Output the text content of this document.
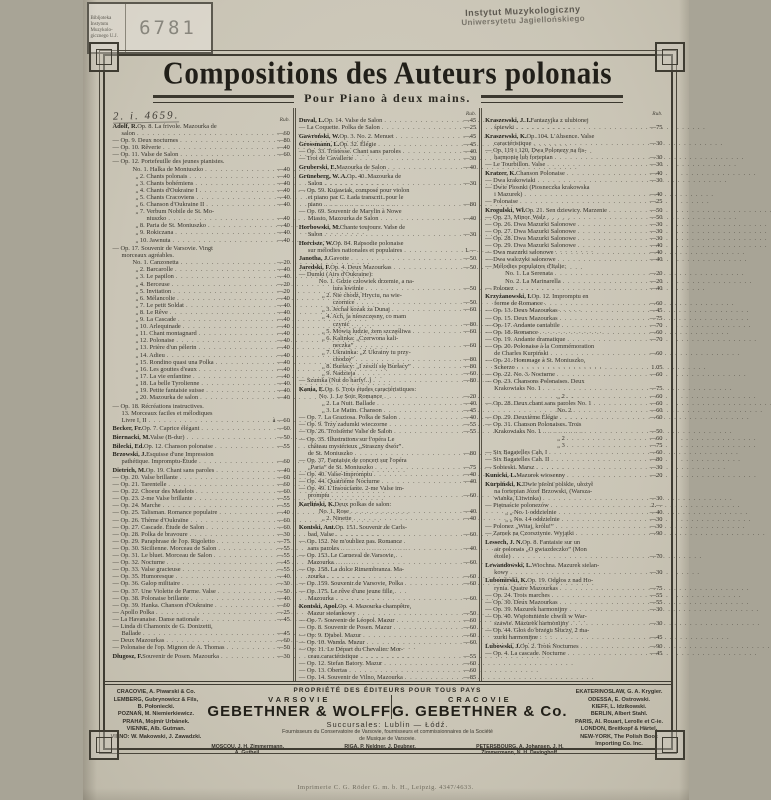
Bibljoteka
Instytutu
Muzykolo-
gicznego U.J.	6781
Instytut Muzykologiczny
Uniwersytetu Jagiellońskiego
Compositions des Auteurs polonais
Pour Piano à deux mains.
2. i. 4659.	Rub.
Adolf, R. Op. 8. La frivole. Mazourka de
salon . . .	—60
— Op. 9. Deux nocturnes . . .	—80
— Op. 10. Rêverie . . .	—40
— Op. 11. Valse de Salon . . .	—60
— Op. 12. Portefeuille des jeunes pianistes.
No. 1. Halka de Moniuszko . . .	—40
„ 2. Chants polonais . . .	—40
„ 3. Chants bohémiens . . .	—40
„ 4. Chants d'Oukraine I . . .	—40
„ 5. Chants Cracoviens . . .	—40
„ 6. Chanson d'Oukraine II . . .	—40
„ 7. Verbum Nobile de St. Mo-
niuszko . . .	—40
„ 8. Paria de St. Moniuszko . . .	—40
„ 9. Rokiczana . . .	—40
„ 10. Jawnuta . . .	—40
— Op. 17. Souvenir de Varsovie. Vingt
morceaux agréables.
No. 1. Canzonetta . . .	—20
„ 2. Barcarolle . . .	—40
„ 3. Le papilon . . .	—40
„ 4. Berceuse . . .	—20
„ 5. Invitation . . .	—20
„ 6. Mélancolie . . .	—40
„ 7. Le petit Soldat . . .	—40
„ 8. Le Rêve . . .	—40
„ 9. La Cascade . . .	—40
„ 10. Arlequinade . . .	—40
„ 11. Chant montagnard . . .	—40
„ 12. Polonaise . . .	—40
„ 13. Prière d'un pélerin . . .	—40
„ 14. Adieu . . .	—40
„ 15. Rondino quasi una Polka . . .	—40
„ 16. Les gouttes d'eaux . . .	—40
„ 17. La vie enfantine . . .	—40
„ 18. La belle Tyrolienne . . .	—40
„ 19. Petite fantaisie suisse . . .	—40
„ 20. Mazourka de salon . . .	—40
— Op. 18. Récréations instructives.
13. Morceaux faciles et mélodiques
Livre I, II . . .	à —60
Becker, Fr. Op. 7. Caprice élégant . . .	—60
Biernacki, M. Valse (B-dur) . . .	—50
Bilecki, Ed. Op. 12. Chanson polonaise . . .	—55
Brzowski, J. Esquisse d'une Impression
pathétique. Impromptu-Étude . . .	—60
Dietrich, M. Op. 19. Chant sans paroles . . .	—40
— Op. 20. Valse brillante . . .	—60
— Op. 21. Tarentelle . . .	—60
— Op. 22. Choeur des Matelots . . .	—60
— Op. 23. 2-me Valse brillante . . .	—55
— Op. 24. Marche . . .	—55
— Op. 25. Talisman. Romance populaire . . .	—40
— Op. 26. Thème d'Oukraïne . . .	—60
— Op. 27. Cascade. Étude de Salon . . .	—60
— Op. 28. Polka de bravoure . . .	—30
— Op. 29. Paraphrase de l'op. Rigoletto . . .	—75
— Op. 30. Sicilienne. Morceau de Salon . . .	—55
— Op. 31. Le bluet. Morceau de Salon . . .	—55
— Op. 32. Nocturne . . .	—45
— Op. 33. Valse gracieuse . . .	—55
— Op. 35. Humoresque . . .	—40
— Op. 36. Galop militaire . . .	—30
— Op. 37. Une Violette de Parme. Valse . . .	—50
— Op. 38. Polonaise brillante . . .	—40
— Op. 39. Hanka. Chanson d'Oukraine . . .	—60
— Apollo Polka . . .	—25
— La Havanaise. Danse nationale . . .	—45
— Linda di Chamonix de G. Donizetti,
Ballade . . .	—45
— Deux Mazourkas . . .	—60
— Polonaise de l'op. Mignon de A. Thomas . . .	—50
Długosz, F. Souvenir de Posen. Mazourka . . .	—30
Rub.
Duval, L. Op. 14. Valse de Salon . . .	—45
— La Coquette. Polka de Salon . . .	—25
Gawroński, W. Op. 3. No. 2. Menuet . . .	—45
Grossmann, L. Op. 32. Élégie . . .	—45
— Op. 33. Tristesse. Chant sans paroles . . .	—40
— Trot de Cavallerie . . .	—30
Gruberski, E. Mazourka de Salon . . .	—40
Grüneberg, W. A. Op. 40. Mazourka de
Salon . . .	—30
— Op. 59. Kujawiak, composé pour violon
et piano par C. Łada transcrit. pour le
piano . . .	—80
— Op. 69. Souvenir de Marylin à Nowe
Miasto, Mazourka de Salon . . .	—40
Horbowski, M. Chante toujours. Valse de
Salon . . .	—30
Horcisze, W. Op. 84. Rapsodie polonaise
sur mélodies nationales et populaires . . .	1.—
Janotha, J. Gavotte . . .	—50
Jaredski, F. Op. 4. Deux Mazourkas . . .	—50
— Dumki (Airs d'Oukraine):
No. 1. Gdzie człowiek drzemie, a na-
tura kwitnie . . .	—50
„ 2. Nie chodź, Hryciu, na wie-
czornice . . .	—50
„ 3. Jechał kozak za Dunaj . . .	—60
„ 4. Ach, ja nieszczęsny, co mam
czynić . . .	—80
„ 5. Mówią ludzie, żem szczęśliwa . . .	—60
„ 6. Kalinka: „Czerwona kali-
neczka” . . .	—60
„ 7. Ukrainka: „Z Ukrainy tu przy-
chodzę” . . .	—80
„ 8. Burłacy: „I zeszli się Burłacy” . . .	—80
„ 9. Nadzieja . . .	—60
— Szumka (Nut do harfy!..) . . .	—80
Kania, E. Op. 6. Trois études caractéristiques:
No. 1. Le Soir. Romance . . .	—20
„ 2. La Nuit. Ballade . . .	—40
„ 3. Le Matin. Chanson . . .	—45
— Op. 7. La Graziosa. Polka de Salon . . .	—40
— Op. 9. Trzy zadumki wieczorne . . .	—55
— Op. 26. Troisième Valse de Salon . . .	—55
— Op. 35. Illustrations sur l'opéra Le
château mystérieux „Straszny dwór”
de St. Moniuszko . . .	—80
— Op. 37. Fantaisie de concert sur l'opéra
„Paria” de St. Moniuszko . . .	—75
— Op. 40. Valse-Impromptu . . .	—40
— Op. 44. Quatrième Nocturne . . .	—40
— Op. 49. L'Insouciante. 2-me Valse im-
promptu . . .	—60
Karliński, K. Deux polkas de salon:
No. 1. Rose . . .	—40
„ 2. Ninette . . .	—40
Kontski, Ant. Op. 151. Souvenir de Carls-
bad, Valse . . .	—60
— Op. 152. Ne m'oubliez pas. Romance
sans paroles . . .	—40
— Op. 153. Le Carneval de Varsovie,
Mazourka . . .	—60
— Op. 158. La dolce Rimembranza. Ma-
zourka . . .	—60
— Op. 159. Souvenir de Varsovie, Polka . . .	—60
— Op. 175. Le rêve d'une jeune fille,
Mazourka . . .	—60
Kontski, Apol. Op. 4. Mazourka champêtre,
Mazur stefankowy . . .	—50
— Op. 7. Souvenir de Léopol. Mazur . . .	—60
— Op. 8. Souvenir de Posen. Mazur . . .	—60
— Op. 9. Djabeł. Mazur . . .	—60
— Op. 10. Wanda. Mazur . . .	—60
— Op. 11. Le Départ du Chevalier. Mor-
ceau caractéristique . . .	—55
— Op. 12. Stefan Batory. Mazur . . .	—60
— Op. 13. Obertas . . .	—60
— Op. 14. Souvenir de Vilno, Mazourka . . .	—85
Rub.
Kraszewski, J. I. Fantazyjka z ulubionej
śpiewki . . .	—75
Kraszewski, K. Op. 104. L'Absence. Valse
caractéristique . . .	—30
— Op. 119 i 120. Dwa Polonezy na fis-
harmonię lub fortepian . . .	—30
— Le Tourbillon. Valse . . .	—30
Kratzer, K. Chanson Polonaise . . .	—40
— Dwa krakowiaki . . .	—30
— Dwie Piosnki (Piosneczka krakowska
i Mazurek) . . .	—40
— Polonaise . . .	—25
Krogulski, Wł. Op. 21. Sen dziewicy. Marzenie . . .	—50
— Op. 23. Minor. Walz . . .	—50
— Op. 26. Dwa Mazurki Salonowe . . .	—30
— Op. 27. Dwa Mazurki Salonowe . . .	—30
— Op. 28. Dwa Mazurki Salonowe . . .	—30
— Op. 29. Dwa Mazurki Salonowe . . .	—40
— Dwa mazurki salonowe . . .	—40
— Dwa walczyki salonowe . . .	—40
— Mélodies populaires d'Italie:
No. 1. La Serenata . . .	—20
No. 2. La Marinarella . . .	—20
— Polonez . . .	—40
Krzyżanowski, I. Op. 12. Impromptu en
forme de Romance . . .	—60
— Op. 13. Deux Mazourkas . . .	—45
— Op. 15. Deux Mazourkas . . .	—75
— Op. 17. Andante cantabile . . .	—70
— Op. 18. Romance . . .	—60
— Op. 19. Andante dramatique . . .	—70
— Op. 20. Polonaise à la Commémoration
de Charles Kurpiński . . .	—60
— Op. 21. Hommage à St. Moniuszko,
Scherzo . . .	1.05
— Op. 22. No. 3. Nocturne . . .	—60
— Op. 23. Chansons Polonaises. Deux
Krakowiaks No. 1 . . .	—75
„ 2 . . .	—60
— Op. 28. Deux chant sans paroles No. 1 . . .	—60
No. 2 . . .	—60
— Op. 29. Deuxième Élégie . . .	—60
— Op. 31. Chanson Polonaises. Trois
Krakowiaks No. 1 . . .	—50
„ 2 . . .	—60
„ 3 . . .	—75
— Six Bagatelles Cah. I . . .	—60
— Six Bagatelles Cah. II . . .	—80
— Sobieski. Marsz . . .	—30
Kunicki, L. Mazurek wiosenny . . .	—20
Kurpiński, K. Dwie pieśni polskie, ułożył
na fortepian Józef Brzowski, (Warsza-
wianka, Litwinka) . . .	—30
— Piętnaście polonezów . . .	2.—
„ „ No. 1 oddzielnie . . .	—40
„ „ No. 14 oddzielnie . . .	—30
— Polonez „Witaj, królu!” . . .	—30
— Zamek na Czorsztynie. Wyjątki . . .	—90
Lessech, J. N. Op. 8. Fantaisie sur un
air polonais „O gwiazdeczko” (Mon
étoile) . . .	—70
Lewandowski, L. Wiochna. Mazurek sielan-
kowy . . .	—30
Lubomirski, K. Op. 19. Odgłos z nad Ho-
rynia. Quatre Mazourkas . . .	—75
— Op. 24. Trois marches . . .	—55
— Op. 30. Deux Mazourkas . . .	—55
— Op. 39. Mazurek harmonijny . . .	—30
— Op. 40. Wspomnienie chwili w War-
szawie. Mazurek harmonijny . . .	—30
— Op. 44. Głos do brzegu Słuczy, 2 ma-
zurki harmonijne . . .	—45
Lubowski, J. Op. 2. Trois Nocturnes . . .	—90
— Op. 4. La cascade. Nocturne . . .	—45
CRACOVIE, A. Piwarski & Co.
LEMBERG, Gubrynowicz & Fils,
B. Połoniecki.
POZNAŃ, M. Niemierkiewicz.
PRAHA, Mojmír Urbánek.
VIENNE, Alb. Gutman.
VILNO: W. Makowski, J. Zawadzki.
PROPRIÉTÉ DES ÉDITEURS POUR TOUS PAYS
VARSOVIE
GEBETHNER & WOLFF
CRACOVIE
G. GEBETHNER & Co.
Succursales: Lublin — Łódź.
Fournisseurs du Conservatoire de Varsovie, fournisseurs et commissionnaires de la Société
de Musique de Varsovie.
MOSCOU, J. H. Zimmermann.
A. Gutheil.
RIGA, P. Neldner, J. Deubner.	PETERSBOURG, A. Johansen, J. H.
Zimmermann, N. H. Davinghoff.
EKATERINOSLAW, G. A. Krygier.
ODESSA, E. Ostrowski.
KIEFF, L. Idzikowski.
BERLIN, Albert Stahl.
PARIS, Al. Rouart, Lerolle et C-ie.
LONDON, Breitkopf & Härtel.
NEW-YORK, The Polish Book
Importing Co. Inc.
Imprimerie C. G. Röder G. m. b. H., Leipzig. 4347/4633.
